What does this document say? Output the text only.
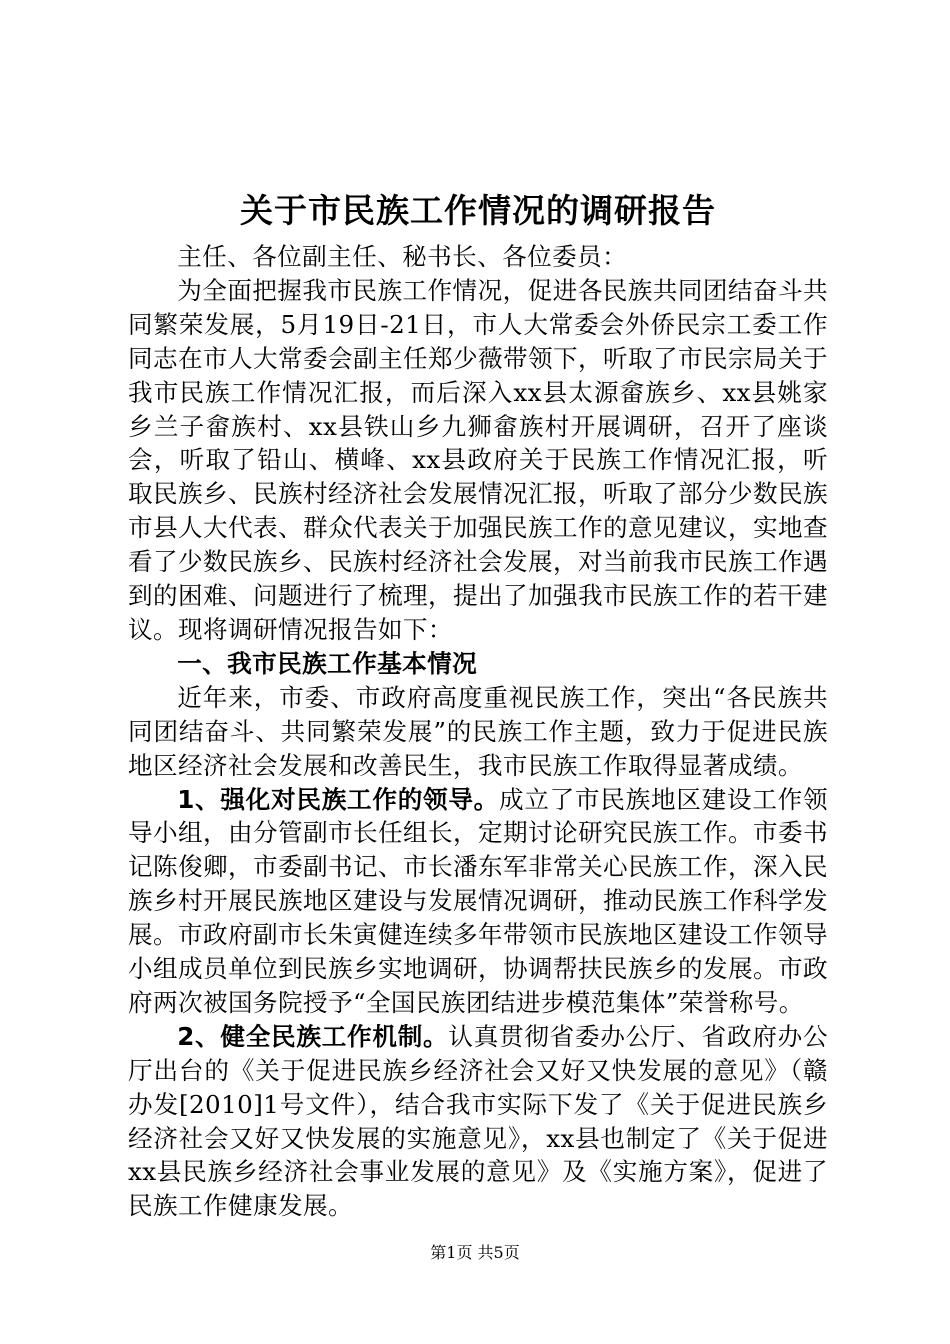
关于市民族工作情况的调研报告

主任、各位副主任、秘书长、各位委员：

为全面把握我市民族工作情况，促进各民族共同团结奋斗共同繁荣发展，5月19日-21日，市人大常委会外侨民宗工委工作同志在市人大常委会副主任郑少薇带领下，听取了市民宗局关于我市民族工作情况汇报，而后深入xx县太源畲族乡、xx县姚家乡兰子畲族村、xx县铁山乡九狮畲族村开展调研，召开了座谈会，听取了铅山、横峰、xx县政府关于民族工作情况汇报，听取民族乡、民族村经济社会发展情况汇报，听取了部分少数民族市县人大代表、群众代表关于加强民族工作的意见建议，实地查看了少数民族乡、民族村经济社会发展，对当前我市民族工作遇到的困难、问题进行了梳理，提出了加强我市民族工作的若干建议。现将调研情况报告如下：

一、我市民族工作基本情况

近年来，市委、市政府高度重视民族工作，突出“各民族共同团结奋斗、共同繁荣发展”的民族工作主题，致力于促进民族地区经济社会发展和改善民生，我市民族工作取得显著成绩。

1、强化对民族工作的领导。成立了市民族地区建设工作领导小组，由分管副市长任组长，定期讨论研究民族工作。市委书记陈俊卿，市委副书记、市长潘东军非常关心民族工作，深入民族乡村开展民族地区建设与发展情况调研，推动民族工作科学发展。市政府副市长朱寅健连续多年带领市民族地区建设工作领导小组成员单位到民族乡实地调研，协调帮扶民族乡的发展。市政府两次被国务院授予“全国民族团结进步模范集体”荣誉称号。

2、健全民族工作机制。认真贯彻省委办公厅、省政府办公厅出台的《关于促进民族乡经济社会又好又快发展的意见》（赣办发[2010]1号文件），结合我市实际下发了《关于促进民族乡经济社会又好又快发展的实施意见》，xx县也制定了《关于促进xx县民族乡经济社会事业发展的意见》及《实施方案》，促进了民族工作健康发展。

第1页 共5页
